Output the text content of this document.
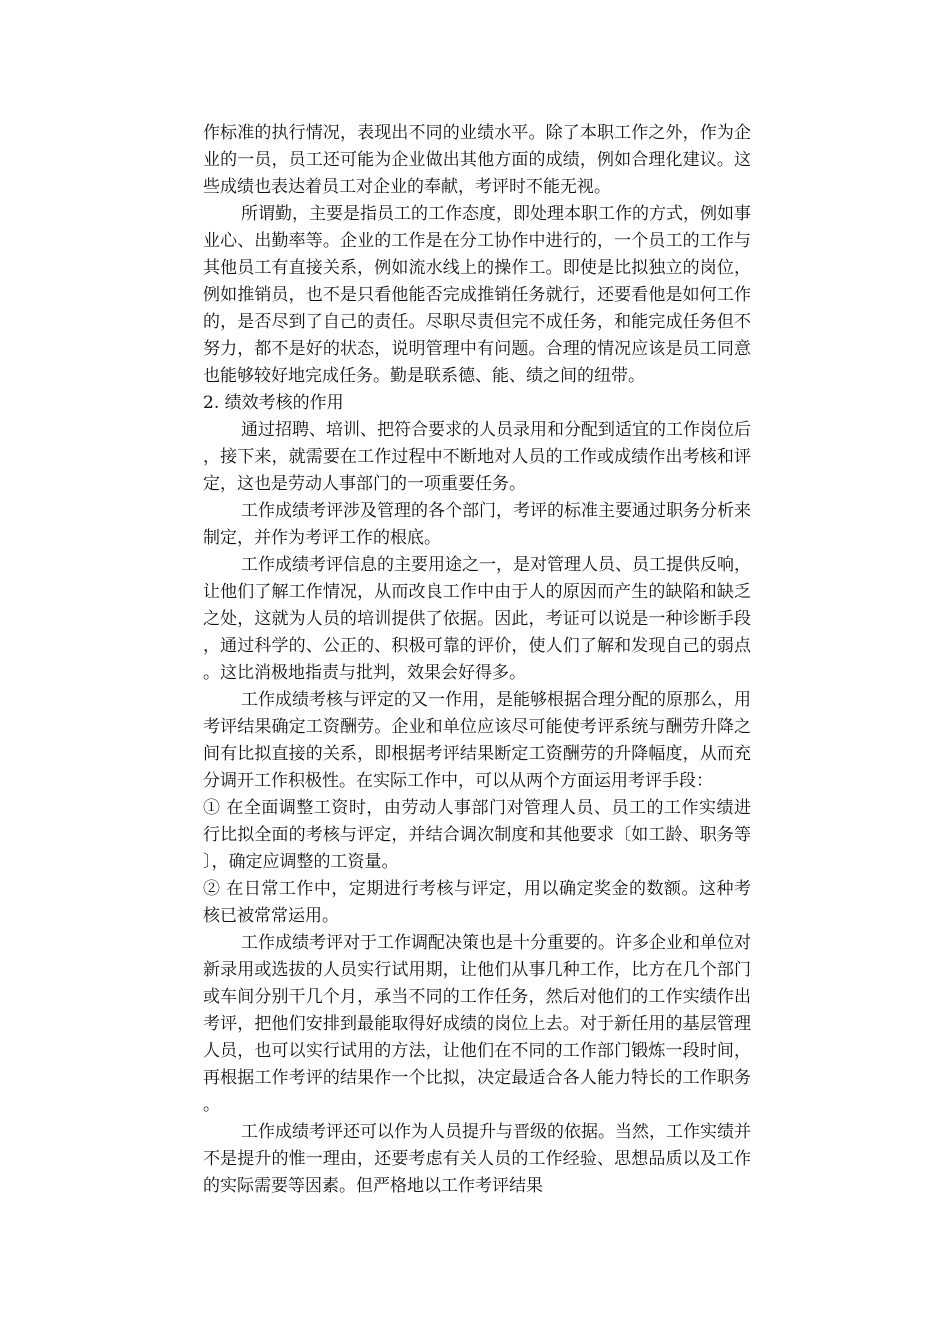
作标准的执行情况，表现出不同的业绩水平。除了本职工作之外，作为企业的一员，员工还可能为企业做出其他方面的成绩，例如合理化建议。这些成绩也表达着员工对企业的奉献，考评时不能无视。

所谓勤，主要是指员工的工作态度，即处理本职工作的方式，例如事业心、出勤率等。企业的工作是在分工协作中进行的，一个员工的工作与其他员工有直接关系，例如流水线上的操作工。即使是比拟独立的岗位，例如推销员，也不是只看他能否完成推销任务就行，还要看他是如何工作的，是否尽到了自己的责任。尽职尽责但完不成任务，和能完成任务但不努力，都不是好的状态，说明管理中有问题。合理的情况应该是员工同意也能够较好地完成任务。勤是联系德、能、绩之间的纽带。

2. 绩效考核的作用

通过招聘、培训、把符合要求的人员录用和分配到适宜的工作岗位后，接下来，就需要在工作过程中不断地对人员的工作或成绩作出考核和评定，这也是劳动人事部门的一项重要任务。

工作成绩考评涉及管理的各个部门，考评的标准主要通过职务分析来制定，并作为考评工作的根底。

工作成绩考评信息的主要用途之一，是对管理人员、员工提供反响，让他们了解工作情况，从而改良工作中由于人的原因而产生的缺陷和缺乏之处，这就为人员的培训提供了依据。因此，考证可以说是一种诊断手段，通过科学的、公正的、积极可靠的评价，使人们了解和发现自己的弱点。这比消极地指责与批判，效果会好得多。

工作成绩考核与评定的又一作用，是能够根据合理分配的原那么，用考评结果确定工资酬劳。企业和单位应该尽可能使考评系统与酬劳升降之间有比拟直接的关系，即根据考评结果断定工资酬劳的升降幅度，从而充分调开工作积极性。在实际工作中，可以从两个方面运用考评手段：

① 在全面调整工资时，由劳动人事部门对管理人员、员工的工作实绩进行比拟全面的考核与评定，并结合调次制度和其他要求〔如工龄、职务等〕，确定应调整的工资量。

② 在日常工作中，定期进行考核与评定，用以确定奖金的数额。这种考核已被常常运用。

工作成绩考评对于工作调配决策也是十分重要的。许多企业和单位对新录用或选拔的人员实行试用期，让他们从事几种工作，比方在几个部门或车间分别干几个月，承当不同的工作任务，然后对他们的工作实绩作出考评，把他们安排到最能取得好成绩的岗位上去。对于新任用的基层管理人员，也可以实行试用的方法，让他们在不同的工作部门锻炼一段时间，再根据工作考评的结果作一个比拟，决定最适合各人能力特长的工作职务。

工作成绩考评还可以作为人员提升与晋级的依据。当然，工作实绩并不是提升的惟一理由，还要考虑有关人员的工作经验、思想品质以及工作的实际需要等因素。但严格地以工作考评结果
